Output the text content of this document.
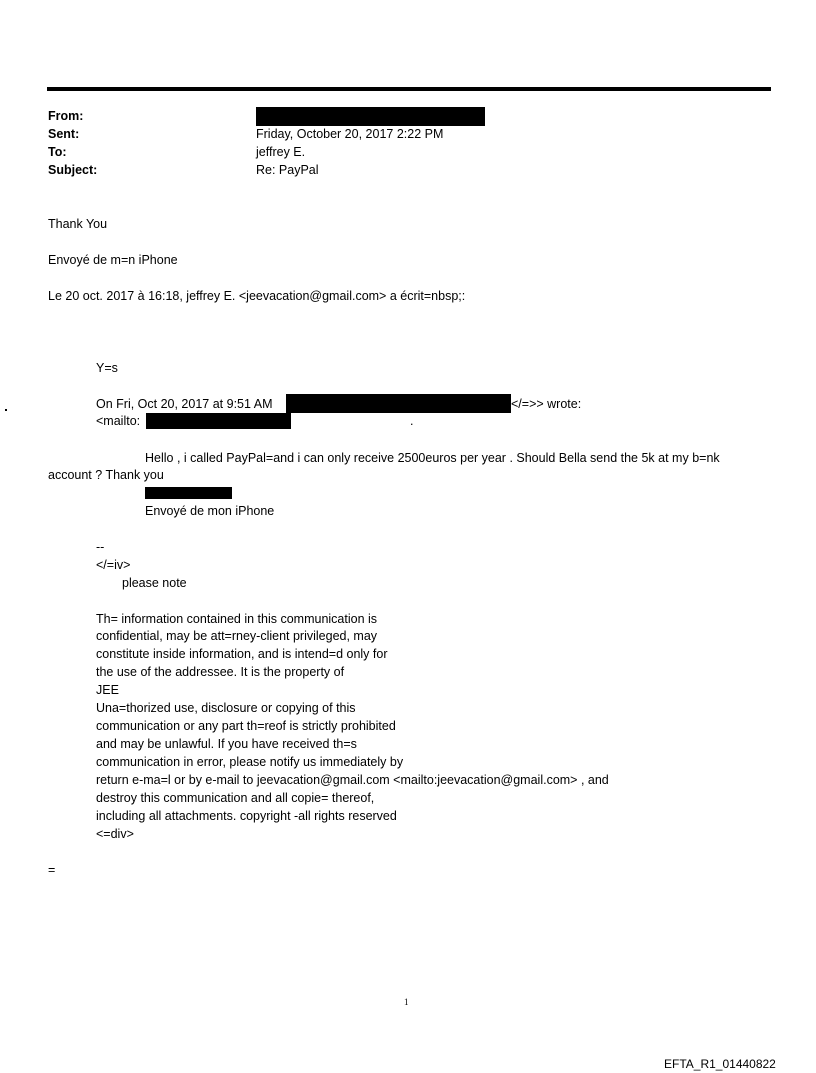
From:
Sent:
To:
Subject:
Friday, October 20, 2017 2:22 PM
jeffrey E.
Re: PayPal
Thank You
Envoyé de m=n iPhone
Le 20 oct. 2017 à 16:18, jeffrey E. <jeevacation@gmail.com> a écrit=nbsp;:
Y=s
On Fri, Oct 20, 2017 at 9:51 AM	</=>> wrote:
<mailto:	.
Hello , i called PayPal=and i can only receive 2500euros per year . Should Bella send the 5k at my b=nk
account ? Thank you
Envoyé de mon iPhone
--
</=iv>
please note
Th= information contained in this communication is
confidential, may be att=rney-client privileged, may
constitute inside information, and is intend=d only for
the use of the addressee. It is the property of
JEE
Una=thorized use, disclosure or copying of this
communication or any part th=reof is strictly prohibited
and may be unlawful. If you have received th=s
communication in error, please notify us immediately by
return e-ma=l or by e-mail to jeevacation@gmail.com <mailto:jeevacation@gmail.com> , and
destroy this communication and all copie= thereof,
including all attachments. copyright -all rights reserved
<=div>
=
1
EFTA_R1_01440822
